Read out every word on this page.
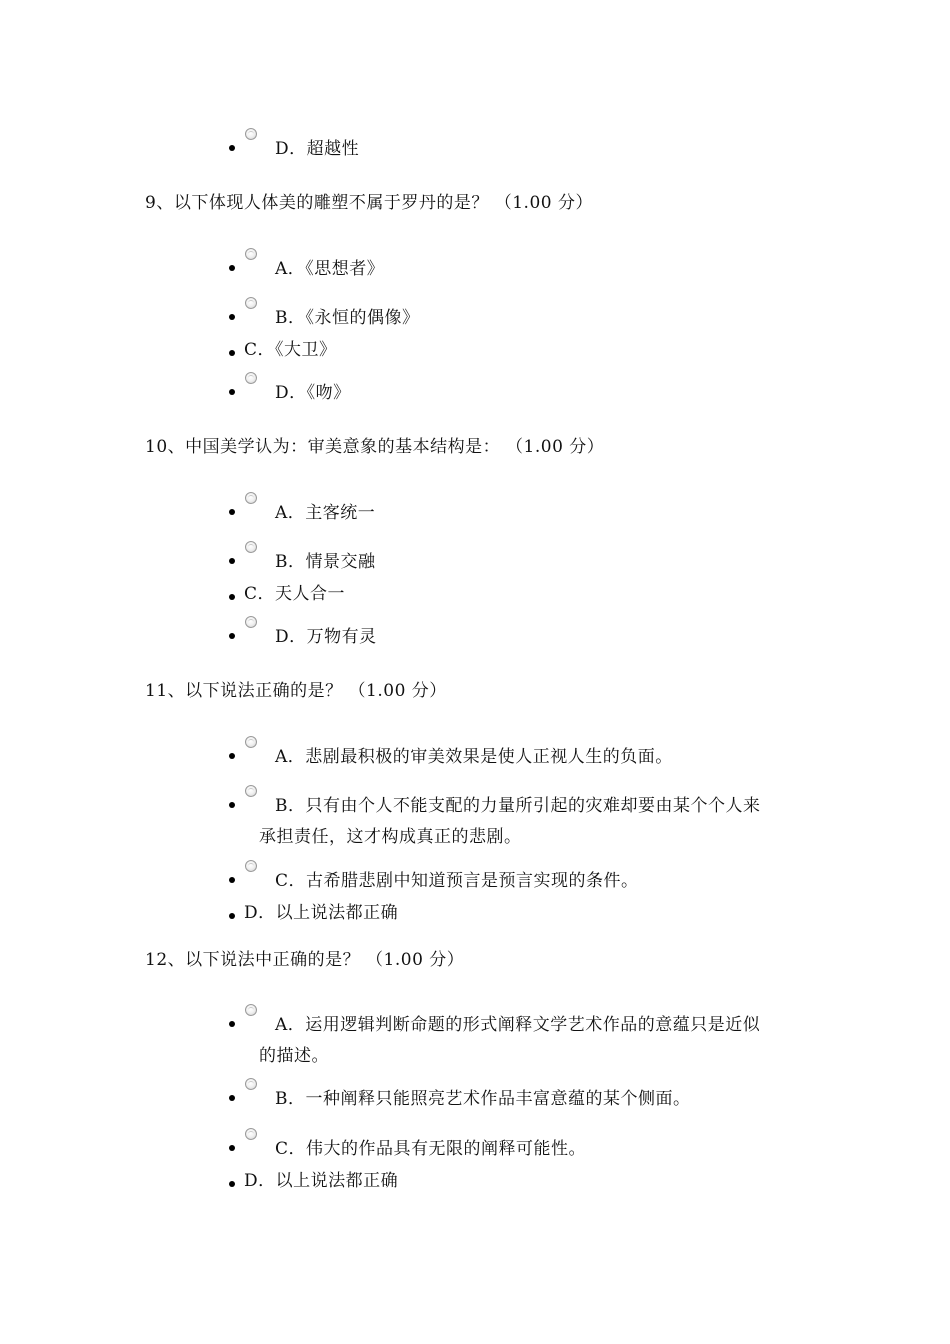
D．超越性
9、以下体现人体美的雕塑不属于罗丹的是？ （1.00 分）
A．《思想者》
B．《永恒的偶像》
C．《大卫》
D．《吻》
10、中国美学认为：审美意象的基本结构是： （1.00 分）
A．主客统一
B．情景交融
C．天人合一
D．万物有灵
11、以下说法正确的是？ （1.00 分）
A．悲剧最积极的审美效果是使人正视人生的负面。
B．只有由个人不能支配的力量所引起的灾难却要由某个个人来
承担责任，这才构成真正的悲剧。
C．古希腊悲剧中知道预言是预言实现的条件。
D．以上说法都正确
12、以下说法中正确的是？ （1.00 分）
A．运用逻辑判断命题的形式阐释文学艺术作品的意蕴只是近似
的描述。
B．一种阐释只能照亮艺术作品丰富意蕴的某个侧面。
C．伟大的作品具有无限的阐释可能性。
D．以上说法都正确
